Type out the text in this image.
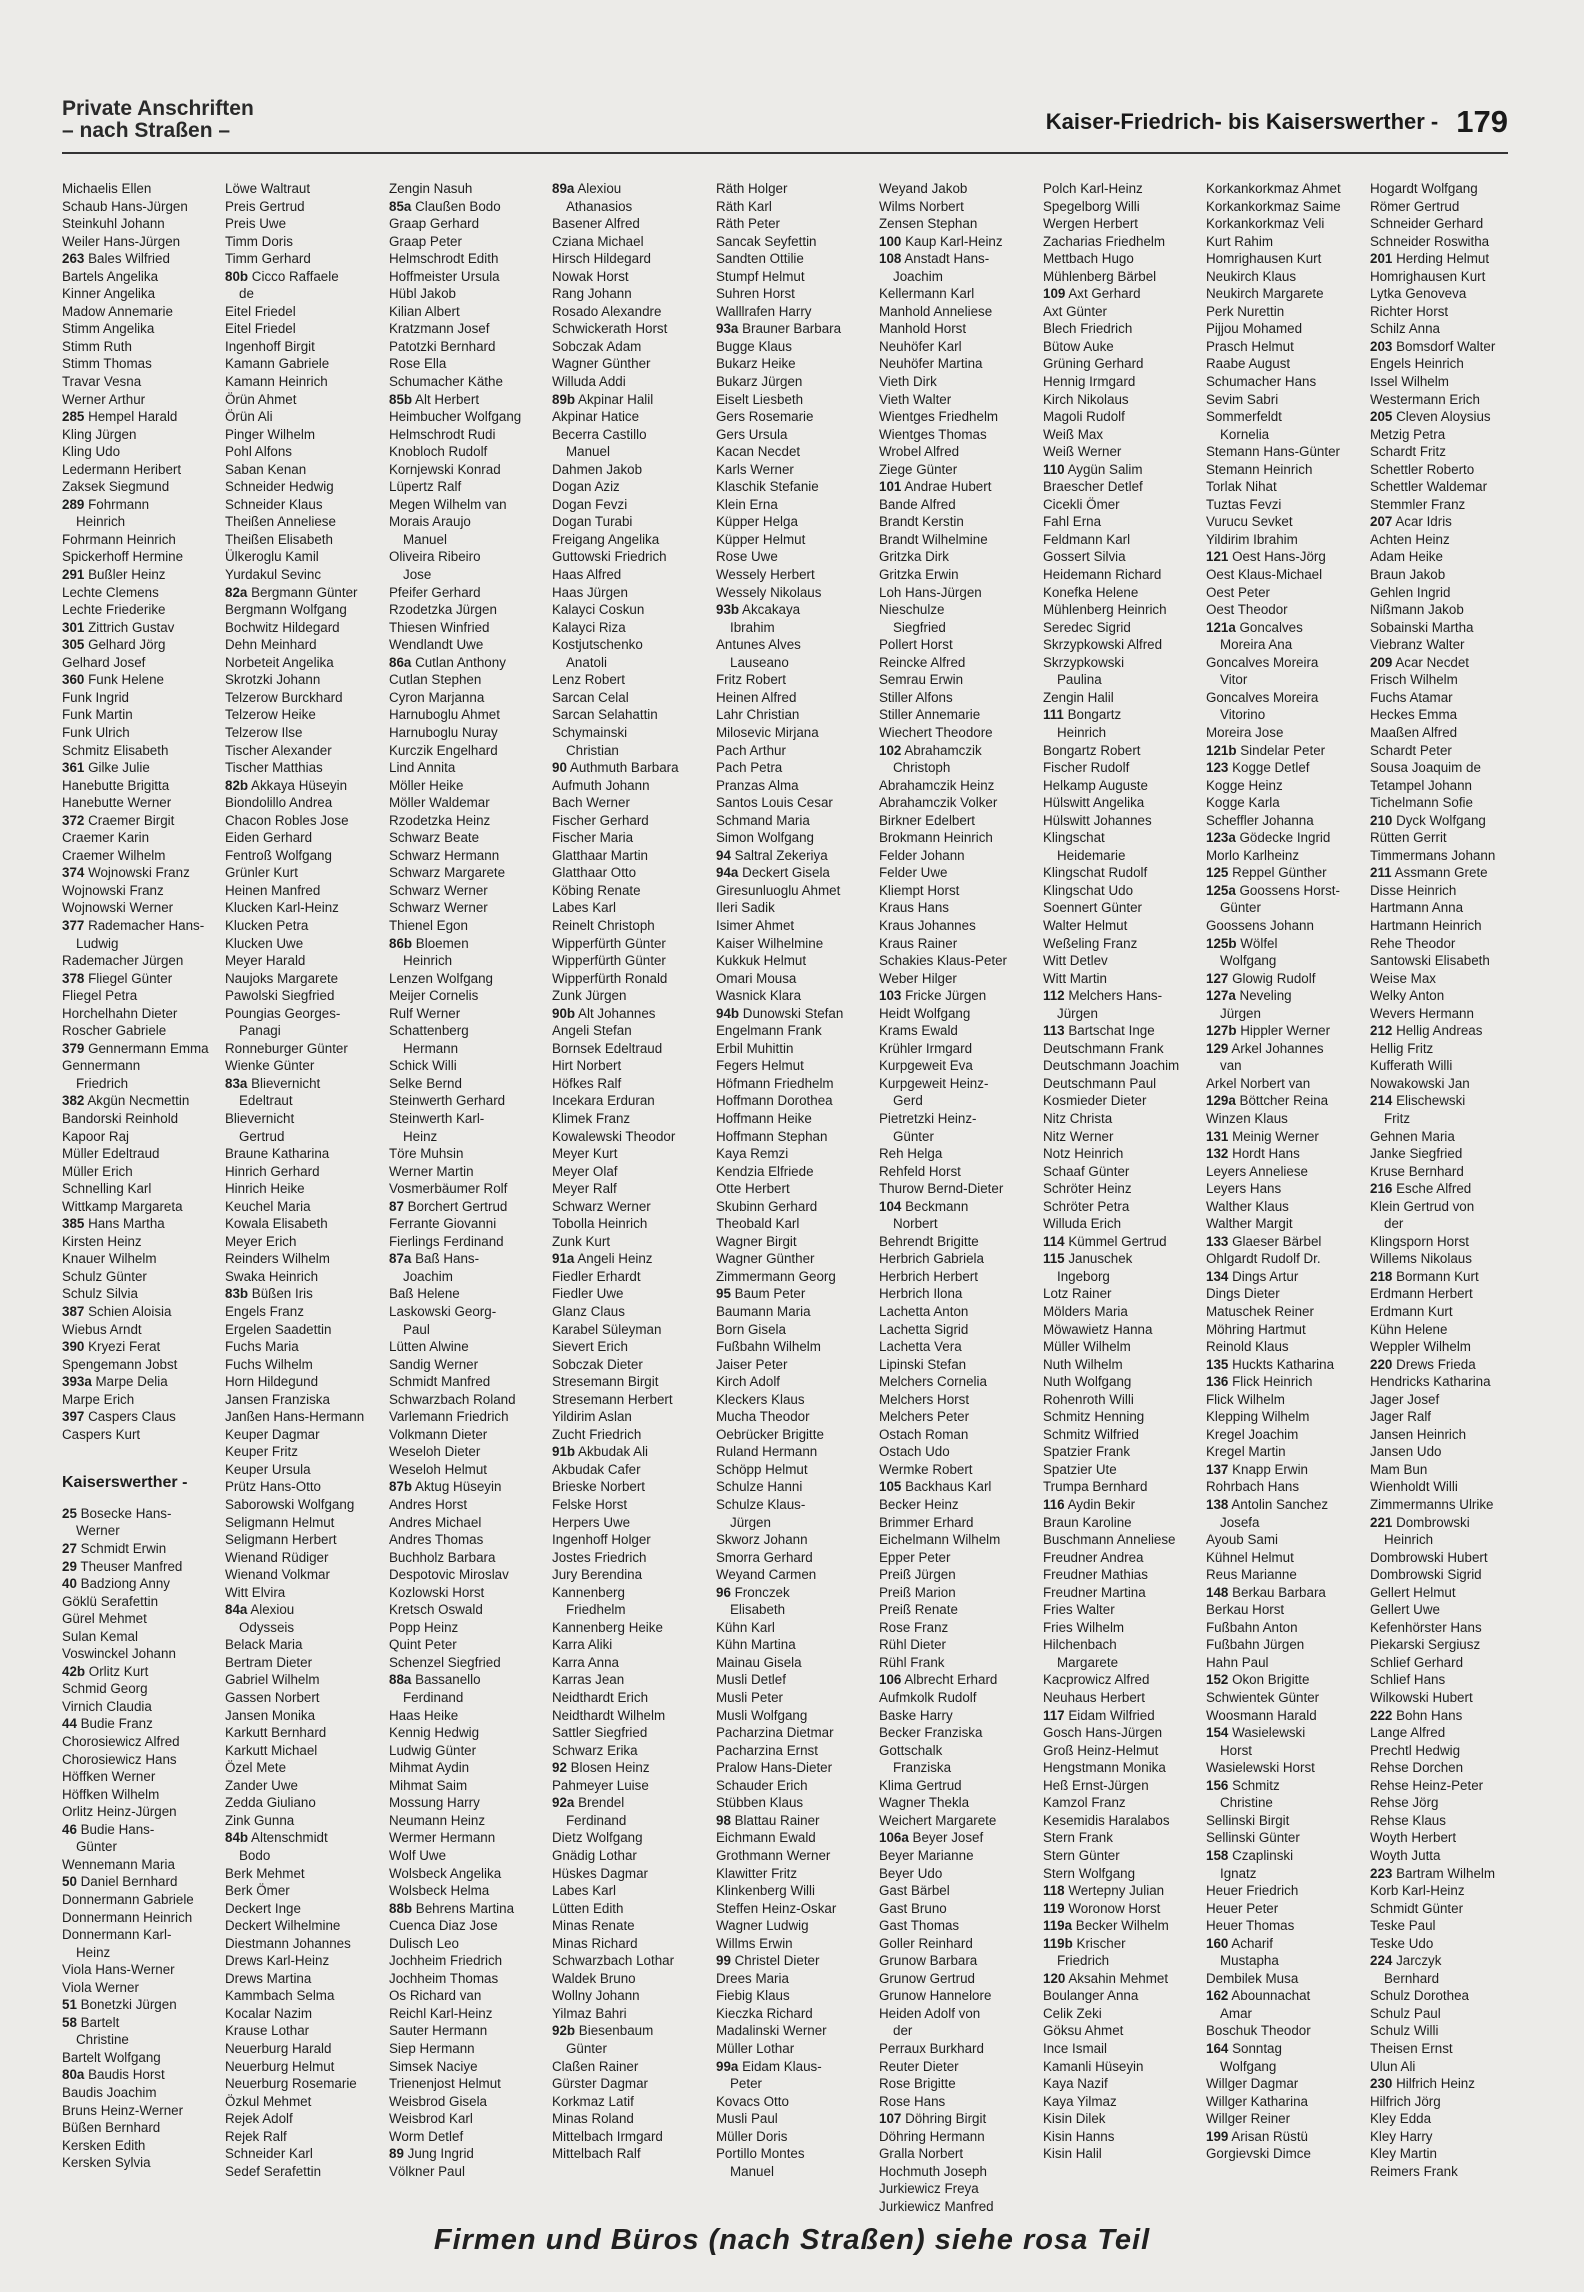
Private Anschriften
– nach Straßen –	Kaiser-Friedrich- bis Kaiserswerther - 179
Michaelis Ellen
Schaub Hans-Jürgen
Steinkuhl Johann
Weiler Hans-Jürgen
263 Bales Wilfried
Bartels Angelika
Kinner Angelika
Madow Annemarie
Stimm Angelika
Stimm Ruth
Stimm Thomas
Travar Vesna
Werner Arthur
285 Hempel Harald
Kling Jürgen
Kling Udo
Ledermann Heribert
Zaksek Siegmund
289 Fohrmann
Heinrich
Fohrmann Heinrich
Spickerhoff Hermine
291 Bußler Heinz
Lechte Clemens
Lechte Friederike
301 Zittrich Gustav
305 Gelhard Jörg
Gelhard Josef
360 Funk Helene
Funk Ingrid
Funk Martin
Funk Ulrich
Schmitz Elisabeth
361 Gilke Julie
Hanebutte Brigitta
Hanebutte Werner
372 Craemer Birgit
Craemer Karin
Craemer Wilhelm
374 Wojnowski Franz
Wojnowski Franz
Wojnowski Werner
377 Rademacher Hans-
Ludwig
Rademacher Jürgen
378 Fliegel Günter
Fliegel Petra
Horchelhahn Dieter
Roscher Gabriele
379 Gennermann Emma
Gennermann
Friedrich
382 Akgün Necmettin
Bandorski Reinhold
Kapoor Raj
Müller Edeltraud
Müller Erich
Schnelling Karl
Wittkamp Margareta
385 Hans Martha
Kirsten Heinz
Knauer Wilhelm
Schulz Günter
Schulz Silvia
387 Schien Aloisia
Wiebus Arndt
390 Kryezi Ferat
Spengemann Jobst
393a Marpe Delia
Marpe Erich
397 Caspers Claus
Caspers Kurt
Kaiserswerther -
25 Bosecke Hans-
Werner
27 Schmidt Erwin
29 Theuser Manfred
40 Badziong Anny
Göklü Serafettin
Gürel Mehmet
Sulan Kemal
Voswinckel Johann
42b Orlitz Kurt
Schmid Georg
Virnich Claudia
44 Budie Franz
Chorosiewicz Alfred
Chorosiewicz Hans
Höffken Werner
Höffken Wilhelm
Orlitz Heinz-Jürgen
46 Budie Hans-
Günter
Wennemann Maria
50 Daniel Bernhard
Donnermann Gabriele
Donnermann Heinrich
Donnermann Karl-
Heinz
Viola Hans-Werner
Viola Werner
51 Bonetzki Jürgen
58 Bartelt
Christine
Bartelt Wolfgang
80a Baudis Horst
Baudis Joachim
Bruns Heinz-Werner
Büßen Bernhard
Kersken Edith
Kersken Sylvia
Löwe Waltraut
Preis Gertrud
Preis Uwe
Timm Doris
Timm Gerhard
80b Cicco Raffaele
de
Eitel Friedel
Eitel Friedel
Ingenhoff Birgit
Kamann Gabriele
Kamann Heinrich
Örün Ahmet
Örün Ali
Pinger Wilhelm
Pohl Alfons
Saban Kenan
Schneider Hedwig
Schneider Klaus
Theißen Anneliese
Theißen Elisabeth
Ülkeroglu Kamil
Yurdakul Sevinc
82a Bergmann Günter
Bergmann Wolfgang
Bochwitz Hildegard
Dehn Meinhard
Norbeteit Angelika
Skrotzki Johann
Telzerow Burckhard
Telzerow Heike
Telzerow Ilse
Tischer Alexander
Tischer Matthias
82b Akkaya Hüseyin
Biondolillo Andrea
Chacon Robles Jose
Eiden Gerhard
Fentroß Wolfgang
Grünler Kurt
Heinen Manfred
Klucken Karl-Heinz
Klucken Petra
Klucken Uwe
Meyer Harald
Naujoks Margarete
Pawolski Siegfried
Poungias Georges-
Panagi
Ronneburger Günter
Wienke Günter
83a Blievernicht
Edeltraut
Blievernicht
Gertrud
Braune Katharina
Hinrich Gerhard
Hinrich Heike
Keuchel Maria
Kowala Elisabeth
Meyer Erich
Reinders Wilhelm
Swaka Heinrich
83b Büßen Iris
Engels Franz
Ergelen Saadettin
Fuchs Maria
Fuchs Wilhelm
Horn Hildegund
Jansen Franziska
Janßen Hans-Hermann
Keuper Dagmar
Keuper Fritz
Keuper Ursula
Prütz Hans-Otto
Saborowski Wolfgang
Seligmann Helmut
Seligmann Herbert
Wienand Rüdiger
Wienand Volkmar
Witt Elvira
84a Alexiou
Odysseis
Belack Maria
Bertram Dieter
Gabriel Wilhelm
Gassen Norbert
Jansen Monika
Karkutt Bernhard
Karkutt Michael
Özel Mete
Zander Uwe
Zedda Giuliano
Zink Gunna
84b Altenschmidt
Bodo
Berk Mehmet
Berk Ömer
Deckert Inge
Deckert Wilhelmine
Diestmann Johannes
Drews Karl-Heinz
Drews Martina
Kammbach Selma
Kocalar Nazim
Krause Lothar
Neuerburg Harald
Neuerburg Helmut
Neuerburg Rosemarie
Özkul Mehmet
Rejek Adolf
Rejek Ralf
Schneider Karl
Sedef Serafettin
Zengin Nasuh
85a Claußen Bodo
Graap Gerhard
Graap Peter
Helmschrodt Edith
Hoffmeister Ursula
Hübl Jakob
Kilian Albert
Kratzmann Josef
Patotzki Bernhard
Rose Ella
Schumacher Käthe
85b Alt Herbert
Heimbucher Wolfgang
Helmschrodt Rudi
Knobloch Rudolf
Kornjewski Konrad
Lüpertz Ralf
Megen Wilhelm van
Morais Araujo
Manuel
Oliveira Ribeiro
Jose
Pfeifer Gerhard
Rzodetzka Jürgen
Thiesen Winfried
Wendlandt Uwe
86a Cutlan Anthony
Cutlan Stephen
Cyron Marjanna
Harnuboglu Ahmet
Harnuboglu Nuray
Kurczik Engelhard
Lind Annita
Möller Heike
Möller Waldemar
Rzodetzka Heinz
Schwarz Beate
Schwarz Hermann
Schwarz Margarete
Schwarz Werner
Schwarz Werner
Thienel Egon
86b Bloemen
Heinrich
Lenzen Wolfgang
Meijer Cornelis
Rulf Werner
Schattenberg
Hermann
Schick Willi
Selke Bernd
Steinwerth Gerhard
Steinwerth Karl-
Heinz
Töre Muhsin
Werner Martin
Vosmerbäumer Rolf
87 Borchert Gertrud
Ferrante Giovanni
Fierlings Ferdinand
87a Baß Hans-
Joachim
Baß Helene
Laskowski Georg-
Paul
Lütten Alwine
Sandig Werner
Schmidt Manfred
Schwarzbach Roland
Varlemann Friedrich
Volkmann Dieter
Weseloh Dieter
Weseloh Helmut
87b Aktug Hüseyin
Andres Horst
Andres Michael
Andres Thomas
Buchholz Barbara
Despotovic Miroslav
Kozlowski Horst
Kretsch Oswald
Popp Heinz
Quint Peter
Schenzel Siegfried
88a Bassanello
Ferdinand
Haas Heike
Kennig Hedwig
Ludwig Günter
Mihmat Aydin
Mihmat Saim
Mossung Harry
Neumann Heinz
Wermer Hermann
Wolf Uwe
Wolsbeck Angelika
Wolsbeck Helma
88b Behrens Martina
Cuenca Diaz Jose
Dulisch Leo
Jochheim Friedrich
Jochheim Thomas
Os Richard van
Reichl Karl-Heinz
Sauter Hermann
Siep Hermann
Simsek Naciye
Trienenjost Helmut
Weisbrod Gisela
Weisbrod Karl
Worm Detlef
89 Jung Ingrid
Völkner Paul
89a Alexiou
Athanasios
Basener Alfred
Cziana Michael
Hirsch Hildegard
Nowak Horst
Rang Johann
Rosado Alexandre
Schwickerath Horst
Sobczak Adam
Wagner Günther
Willuda Addi
89b Akpinar Halil
Akpinar Hatice
Becerra Castillo
Manuel
Dahmen Jakob
Dogan Aziz
Dogan Fevzi
Dogan Turabi
Freigang Angelika
Guttowski Friedrich
Haas Alfred
Haas Jürgen
Kalayci Coskun
Kalayci Riza
Kostjutschenko
Anatoli
Lenz Robert
Sarcan Celal
Sarcan Selahattin
Schymainski
Christian
90 Authmuth Barbara
Aufmuth Johann
Bach Werner
Fischer Gerhard
Fischer Maria
Glatthaar Martin
Glatthaar Otto
Köbing Renate
Labes Karl
Reinelt Christoph
Wipperfürth Günter
Wipperfürth Günter
Wipperfürth Ronald
Zunk Jürgen
90b Alt Johannes
Angeli Stefan
Bornsek Edeltraud
Hirt Norbert
Höfkes Ralf
Incekara Erduran
Klimek Franz
Kowalewski Theodor
Meyer Kurt
Meyer Olaf
Meyer Ralf
Schwarz Werner
Tobolla Heinrich
Zunk Kurt
91a Angeli Heinz
Fiedler Erhardt
Fiedler Uwe
Glanz Claus
Karabel Süleyman
Sievert Erich
Sobczak Dieter
Stresemann Birgit
Stresemann Herbert
Yildirim Aslan
Zucht Friedrich
91b Akbudak Ali
Akbudak Cafer
Brieske Norbert
Felske Horst
Herpers Uwe
Ingenhoff Holger
Jostes Friedrich
Jury Berendina
Kannenberg
Friedhelm
Kannenberg Heike
Karra Aliki
Karra Anna
Karras Jean
Neidthardt Erich
Neidthardt Wilhelm
Sattler Siegfried
Schwarz Erika
92 Blosen Heinz
Pahmeyer Luise
92a Brendel
Ferdinand
Dietz Wolfgang
Gnädig Lothar
Hüskes Dagmar
Labes Karl
Lütten Edith
Minas Renate
Minas Richard
Schwarzbach Lothar
Waldek Bruno
Wollny Johann
Yilmaz Bahri
92b Biesenbaum
Günter
Claßen Rainer
Gürster Dagmar
Korkmaz Latif
Minas Roland
Mittelbach Irmgard
Mittelbach Ralf
Räth Holger
Räth Karl
Räth Peter
Sancak Seyfettin
Sandten Ottilie
Stumpf Helmut
Suhren Horst
Walllrafen Harry
93a Brauner Barbara
Bugge Klaus
Bukarz Heike
Bukarz Jürgen
Eiselt Liesbeth
Gers Rosemarie
Gers Ursula
Kacan Necdet
Karls Werner
Klaschik Stefanie
Klein Erna
Küpper Helga
Küpper Helmut
Rose Uwe
Wessely Herbert
Wessely Nikolaus
93b Akcakaya
Ibrahim
Antunes Alves
Lauseano
Fritz Robert
Heinen Alfred
Lahr Christian
Milosevic Mirjana
Pach Arthur
Pach Petra
Pranzas Alma
Santos Louis Cesar
Schmand Maria
Simon Wolfgang
94 Saltral Zekeriya
94a Deckert Gisela
Giresunluoglu Ahmet
Ileri Sadik
Isimer Ahmet
Kaiser Wilhelmine
Kukkuk Helmut
Omari Mousa
Wasnick Klara
94b Dunowski Stefan
Engelmann Frank
Erbil Muhittin
Fegers Helmut
Höfmann Friedhelm
Hoffmann Dorothea
Hoffmann Heike
Hoffmann Stephan
Kaya Remzi
Kendzia Elfriede
Otte Herbert
Skubinn Gerhard
Theobald Karl
Wagner Birgit
Wagner Günther
Zimmermann Georg
95 Baum Peter
Baumann Maria
Born Gisela
Fußbahn Wilhelm
Jaiser Peter
Kirch Adolf
Kleckers Klaus
Mucha Theodor
Oebrücker Brigitte
Ruland Hermann
Schöpp Helmut
Schulze Hanni
Schulze Klaus-
Jürgen
Skworz Johann
Smorra Gerhard
Weyand Carmen
96 Fronczek
Elisabeth
Kühn Karl
Kühn Martina
Mainau Gisela
Musli Detlef
Musli Peter
Musli Wolfgang
Pacharzina Dietmar
Pacharzina Ernst
Pralow Hans-Dieter
Schauder Erich
Stübben Klaus
98 Blattau Rainer
Eichmann Ewald
Grothmann Werner
Klawitter Fritz
Klinkenberg Willi
Steffen Heinz-Oskar
Wagner Ludwig
Willms Erwin
99 Christel Dieter
Drees Maria
Fiebig Klaus
Kieczka Richard
Madalinski Werner
Müller Lothar
99a Eidam Klaus-
Peter
Kovacs Otto
Musli Paul
Müller Doris
Portillo Montes
Manuel
Weyand Jakob
Wilms Norbert
Zensen Stephan
100 Kaup Karl-Heinz
108 Anstadt Hans-
Joachim
Kellermann Karl
Manhold Anneliese
Manhold Horst
Neuhöfer Karl
Neuhöfer Martina
Vieth Dirk
Vieth Walter
Wientges Friedhelm
Wientges Thomas
Wrobel Alfred
Ziege Günter
101 Andrae Hubert
Bande Alfred
Brandt Kerstin
Brandt Wilhelmine
Gritzka Dirk
Gritzka Erwin
Loh Hans-Jürgen
Nieschulze
Siegfried
Pollert Horst
Reincke Alfred
Semrau Erwin
Stiller Alfons
Stiller Annemarie
Wiechert Theodore
102 Abrahamczik
Christoph
Abrahamczik Heinz
Abrahamczik Volker
Birkner Edelbert
Brokmann Heinrich
Felder Johann
Felder Uwe
Kliempt Horst
Kraus Hans
Kraus Johannes
Kraus Rainer
Schakies Klaus-Peter
Weber Hilger
103 Fricke Jürgen
Heidt Wolfgang
Krams Ewald
Krühler Irmgard
Kurpgeweit Eva
Kurpgeweit Heinz-
Gerd
Pietretzki Heinz-
Günter
Reh Helga
Rehfeld Horst
Thurow Bernd-Dieter
104 Beckmann
Norbert
Behrendt Brigitte
Herbrich Gabriela
Herbrich Herbert
Herbrich Ilona
Lachetta Anton
Lachetta Sigrid
Lachetta Vera
Lipinski Stefan
Melchers Cornelia
Melchers Horst
Melchers Peter
Ostach Roman
Ostach Udo
Wermke Robert
105 Backhaus Karl
Becker Heinz
Brimmer Erhard
Eichelmann Wilhelm
Epper Peter
Preiß Jürgen
Preiß Marion
Preiß Renate
Rose Franz
Rühl Dieter
Rühl Frank
106 Albrecht Erhard
Aufmkolk Rudolf
Baske Harry
Becker Franziska
Gottschalk
Franziska
Klima Gertrud
Wagner Thekla
Weichert Margarete
106a Beyer Josef
Beyer Marianne
Beyer Udo
Gast Bärbel
Gast Bruno
Gast Thomas
Goller Reinhard
Grunow Barbara
Grunow Gertrud
Grunow Hannelore
Heiden Adolf von
der
Perraux Burkhard
Reuter Dieter
Rose Brigitte
Rose Hans
107 Döhring Birgit
Döhring Hermann
Gralla Norbert
Hochmuth Joseph
Jurkiewicz Freya
Jurkiewicz Manfred
Polch Karl-Heinz
Spegelborg Willi
Wergen Herbert
Zacharias Friedhelm
Mettbach Hugo
Mühlenberg Bärbel
109 Axt Gerhard
Axt Günter
Blech Friedrich
Bütow Auke
Grüning Gerhard
Hennig Irmgard
Kirch Nikolaus
Magoli Rudolf
Weiß Max
Weiß Werner
110 Aygün Salim
Braescher Detlef
Cicekli Ömer
Fahl Erna
Feldmann Karl
Gossert Silvia
Heidemann Richard
Konefka Helene
Mühlenberg Heinrich
Seredec Sigrid
Skrzypkowski Alfred
Skrzypkowski
Paulina
Zengin Halil
111 Bongartz
Heinrich
Bongartz Robert
Fischer Rudolf
Helkamp Auguste
Hülswitt Angelika
Hülswitt Johannes
Klingschat
Heidemarie
Klingschat Rudolf
Klingschat Udo
Soennert Günter
Walter Helmut
Weßeling Franz
Witt Detlev
Witt Martin
112 Melchers Hans-
Jürgen
113 Bartschat Inge
Deutschmann Frank
Deutschmann Joachim
Deutschmann Paul
Kosmieder Dieter
Nitz Christa
Nitz Werner
Notz Heinrich
Schaaf Günter
Schröter Heinz
Schröter Petra
Willuda Erich
114 Kümmel Gertrud
115 Januschek
Ingeborg
Lotz Rainer
Mölders Maria
Möwawietz Hanna
Müller Wilhelm
Nuth Wilhelm
Nuth Wolfgang
Rohenroth Willi
Schmitz Henning
Schmitz Wilfried
Spatzier Frank
Spatzier Ute
Trumpa Bernhard
116 Aydin Bekir
Braun Karoline
Buschmann Anneliese
Freudner Andrea
Freudner Mathias
Freudner Martina
Fries Walter
Fries Wilhelm
Hilchenbach
Margarete
Kacprowicz Alfred
Neuhaus Herbert
117 Eidam Wilfried
Gosch Hans-Jürgen
Groß Heinz-Helmut
Hengstmann Monika
Heß Ernst-Jürgen
Kamzol Franz
Kesemidis Haralabos
Stern Frank
Stern Günter
Stern Wolfgang
118 Wertepny Julian
119 Woronow Horst
119a Becker Wilhelm
119b Krischer
Friedrich
120 Aksahin Mehmet
Boulanger Anna
Celik Zeki
Göksu Ahmet
Ince Ismail
Kamanli Hüseyin
Kaya Nazif
Kaya Yilmaz
Kisin Dilek
Kisin Hanns
Kisin Halil
Korkankorkmaz Ahmet
Korkankorkmaz Saime
Korkankorkmaz Veli
Kurt Rahim
Homrighausen Kurt
Neukirch Klaus
Neukirch Margarete
Perk Nurettin
Pijjou Mohamed
Prasch Helmut
Raabe August
Schumacher Hans
Sevim Sabri
Sommerfeldt
Kornelia
Stemann Hans-Günter
Stemann Heinrich
Torlak Nihat
Tuztas Fevzi
Vurucu Sevket
Yildirim Ibrahim
121 Oest Hans-Jörg
Oest Klaus-Michael
Oest Peter
Oest Theodor
121a Goncalves
Moreira Ana
Goncalves Moreira
Vitor
Goncalves Moreira
Vitorino
Moreira Jose
121b Sindelar Peter
123 Kogge Detlef
Kogge Heinz
Kogge Karla
Scheffler Johanna
123a Gödecke Ingrid
Morlo Karlheinz
125 Reppel Günther
125a Goossens Horst-
Günter
Goossens Johann
125b Wölfel
Wolfgang
127 Glowig Rudolf
127a Neveling
Jürgen
127b Hippler Werner
129 Arkel Johannes
van
Arkel Norbert van
129a Böttcher Reina
Winzen Klaus
131 Meinig Werner
132 Hordt Hans
Leyers Anneliese
Leyers Hans
Walther Klaus
Walther Margit
133 Glaeser Bärbel
Ohlgardt Rudolf Dr.
134 Dings Artur
Dings Dieter
Matuschek Reiner
Möhring Hartmut
Reinold Klaus
135 Huckts Katharina
136 Flick Heinrich
Flick Wilhelm
Klepping Wilhelm
Kregel Joachim
Kregel Martin
137 Knapp Erwin
Rohrbach Hans
138 Antolin Sanchez
Josefa
Ayoub Sami
Kühnel Helmut
Reus Marianne
148 Berkau Barbara
Berkau Horst
Fußbahn Anton
Fußbahn Jürgen
Hahn Paul
152 Okon Brigitte
Schwientek Günter
Woosmann Harald
154 Wasielewski
Horst
Wasielewski Horst
156 Schmitz
Christine
Sellinski Birgit
Sellinski Günter
158 Czaplinski
Ignatz
Heuer Friedrich
Heuer Peter
Heuer Thomas
160 Acharif
Mustapha
Dembilek Musa
162 Abounnachat
Amar
Boschuk Theodor
164 Sonntag
Wolfgang
Willger Dagmar
Willger Katharina
Willger Reiner
199 Arisan Rüstü
Gorgievski Dimce
Hogardt Wolfgang
Römer Gertrud
Schneider Gerhard
Schneider Roswitha
201 Herding Helmut
Homrighausen Kurt
Lytka Genoveva
Richter Horst
Schilz Anna
203 Bomsdorf Walter
Engels Heinrich
Issel Wilhelm
Westermann Erich
205 Cleven Aloysius
Metzig Petra
Schardt Fritz
Schettler Roberto
Schettler Waldemar
Stemmler Franz
207 Acar Idris
Achten Heinz
Adam Heike
Braun Jakob
Gehlen Ingrid
Nißmann Jakob
Sobainski Martha
Viebranz Walter
209 Acar Necdet
Frisch Wilhelm
Fuchs Atamar
Heckes Emma
Maaßen Alfred
Schardt Peter
Sousa Joaquim de
Tetampel Johann
Tichelmann Sofie
210 Dyck Wolfgang
Rütten Gerrit
Timmermans Johann
211 Assmann Grete
Disse Heinrich
Hartmann Anna
Hartmann Heinrich
Rehe Theodor
Santowski Elisabeth
Weise Max
Welky Anton
Wevers Hermann
212 Hellig Andreas
Hellig Fritz
Kufferath Willi
Nowakowski Jan
214 Elischewski
Fritz
Gehnen Maria
Janke Siegfried
Kruse Bernhard
216 Esche Alfred
Klein Gertrud von
der
Klingsporn Horst
Willems Nikolaus
218 Bormann Kurt
Erdmann Herbert
Erdmann Kurt
Kühn Helene
Weppler Wilhelm
220 Drews Frieda
Hendricks Katharina
Jager Josef
Jager Ralf
Jansen Heinrich
Jansen Udo
Mam Bun
Wienholdt Willi
Zimmermanns Ulrike
221 Dombrowski
Heinrich
Dombrowski Hubert
Dombrowski Sigrid
Gellert Helmut
Gellert Uwe
Kefenhörster Hans
Piekarski Sergiusz
Schlief Gerhard
Schlief Hans
Wilkowski Hubert
222 Bohn Hans
Lange Alfred
Prechtl Hedwig
Rehse Dorchen
Rehse Heinz-Peter
Rehse Jörg
Rehse Klaus
Woyth Herbert
Woyth Jutta
223 Bartram Wilhelm
Korb Karl-Heinz
Schmidt Günter
Teske Paul
Teske Udo
224 Jarczyk
Bernhard
Schulz Dorothea
Schulz Paul
Schulz Willi
Theisen Ernst
Ulun Ali
230 Hilfrich Heinz
Hilfrich Jörg
Kley Edda
Kley Harry
Kley Martin
Reimers Frank
Firmen und Büros (nach Straßen) siehe rosa Teil
